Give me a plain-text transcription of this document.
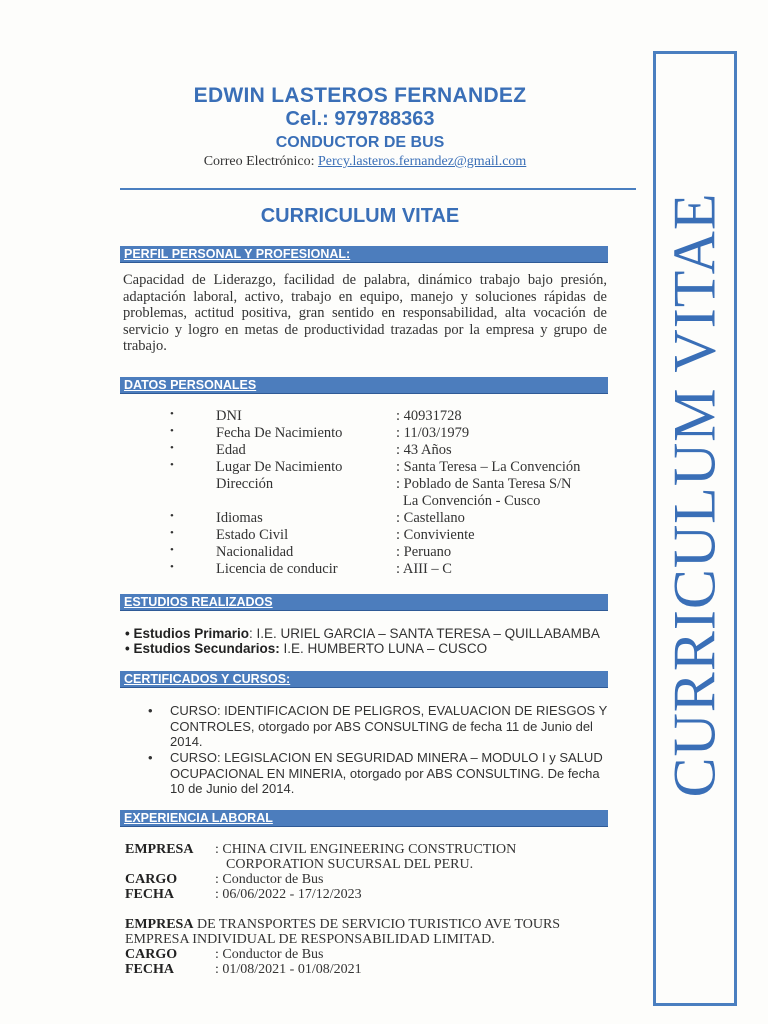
EDWIN LASTEROS FERNANDEZ
Cel.: 979788363
CONDUCTOR DE BUS
Correo Electrónico: Percy.lasteros.fernandez@gmail.com
CURRICULUM VITAE
PERFIL PERSONAL Y PROFESIONAL:
Capacidad de Liderazgo, facilidad de palabra, dinámico trabajo bajo presión, adaptación laboral, activo, trabajo en equipo, manejo y soluciones rápidas de problemas, actitud positiva, gran sentido en responsabilidad, alta vocación de servicio y logro en metas de productividad trazadas por la empresa y grupo de trabajo.
DATOS PERSONALES
•	DNI	: 40931728
•	Fecha De Nacimiento	: 11/03/1979
•	Edad	: 43 Años
•	Lugar De Nacimiento	: Santa Teresa – La Convención
Dirección	: Poblado de Santa Teresa S/N
La Convención - Cusco
•	Idiomas	: Castellano
•	Estado Civil	: Conviviente
•	Nacionalidad	: Peruano
•	Licencia de conducir	: AIII – C
ESTUDIOS REALIZADOS
• Estudios Primario: I.E. URIEL GARCIA – SANTA TERESA – QUILLABAMBA
• Estudios Secundarios: I.E. HUMBERTO LUNA – CUSCO
CERTIFICADOS Y CURSOS:
• CURSO: IDENTIFICACION DE PELIGROS, EVALUACION DE RIESGOS Y
CONTROLES, otorgado por ABS CONSULTING de fecha 11 de Junio del
2014.
• CURSO: LEGISLACION EN SEGURIDAD MINERA – MODULO I y SALUD
OCUPACIONAL EN MINERIA, otorgado por ABS CONSULTING. De fecha
10 de Junio del 2014.
EXPERIENCIA LABORAL
EMPRESA : CHINA CIVIL ENGINEERING CONSTRUCTION
CORPORATION SUCURSAL DEL PERU.
CARGO	: Conductor de Bus
FECHA	: 06/06/2022 - 17/12/2023
EMPRESA DE TRANSPORTES DE SERVICIO TURISTICO AVE TOURS
EMPRESA INDIVIDUAL DE RESPONSABILIDAD LIMITAD.
CARGO	: Conductor de Bus
FECHA	: 01/08/2021 - 01/08/2021
CURRICULUM VITAE
